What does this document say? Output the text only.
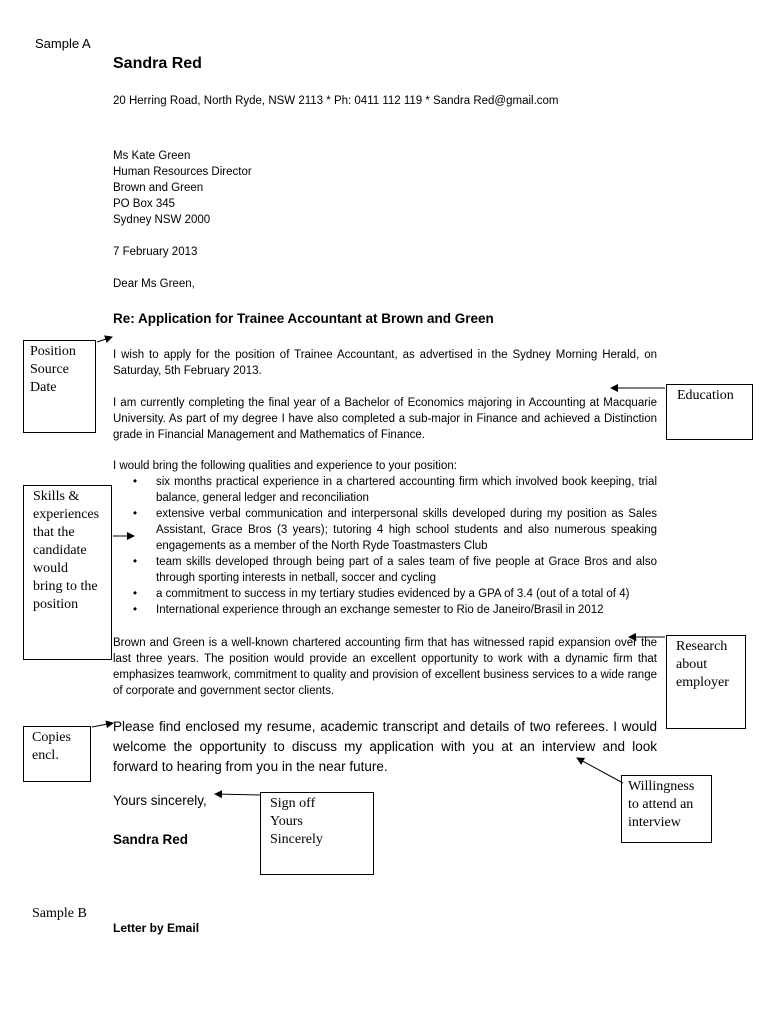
Sample A
Sandra Red
20 Herring Road, North Ryde, NSW 2113 * Ph: 0411 112 119 * Sandra Red@gmail.com
Ms Kate Green
Human Resources Director
Brown and Green
PO Box 345
Sydney NSW 2000
7 February 2013
Dear Ms Green,
Re: Application for Trainee Accountant at Brown and Green
I wish to apply for the position of Trainee Accountant, as advertised in the Sydney Morning Herald, on Saturday, 5th February 2013.
I am currently completing the final year of a Bachelor of Economics majoring in Accounting at Macquarie University. As part of my degree I have also completed a sub-major in Finance and achieved a Distinction grade in Financial Management and Mathematics of Finance.
I would bring the following qualities and experience to your position:
• six months practical experience in a chartered accounting firm which involved book keeping, trial balance, general ledger and reconciliation
• extensive verbal communication and interpersonal skills developed during my position as Sales Assistant, Grace Bros (3 years); tutoring 4 high school students and also numerous speaking engagements as a member of the North Ryde Toastmasters Club
• team skills developed through being part of a sales team of five people at Grace Bros and also through sporting interests in netball, soccer and cycling
• a commitment to success in my tertiary studies evidenced by a GPA of 3.4 (out of a total of 4)
• International experience through an exchange semester to Rio de Janeiro/Brasil in 2012
Brown and Green is a well-known chartered accounting firm that has witnessed rapid expansion over the last three years. The position would provide an excellent opportunity to work with a dynamic firm that emphasizes teamwork, commitment to quality and provision of excellent business services to a wide range of corporate and government sector clients.
Please find enclosed my resume, academic transcript and details of two referees. I would welcome the opportunity to discuss my application with you at an interview and look forward to hearing from you in the near future.
Yours sincerely,
Sandra Red
Sample B
Letter by Email
Position
Source
Date
Education
Skills &
experiences
that the
candidate
would
bring to the
position
Research
about
employer
Copies
encl.
Willingness
to attend an
interview
Sign off
Yours
Sincerely
